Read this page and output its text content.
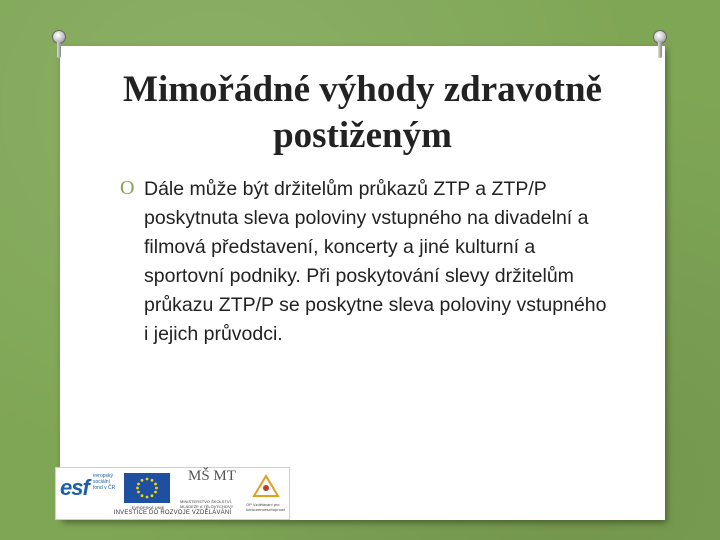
Mimořádné výhody zdravotně postiženým
O Dále může být držitelům průkazů ZTP a ZTP/P poskytnuta sleva poloviny vstupného na divadelní a filmová představení, koncerty a jiné kulturní a sportovní podniky. Při poskytování slevy držitelům průkazu ZTP/P se poskytne sleva poloviny vstupného i jejich průvodci.
esf evropský sociální fond v ČR
EVROPSKÁ UNIE
MŠ MT
MINISTERSTVO ŠKOLSTVÍ, MLÁDEŽE A TĚLOVÝCHOVY	OP Vzdělávání pro konkurenceschopnost
INVESTICE DO ROZVOJE VZDĚLÁVÁNÍ
